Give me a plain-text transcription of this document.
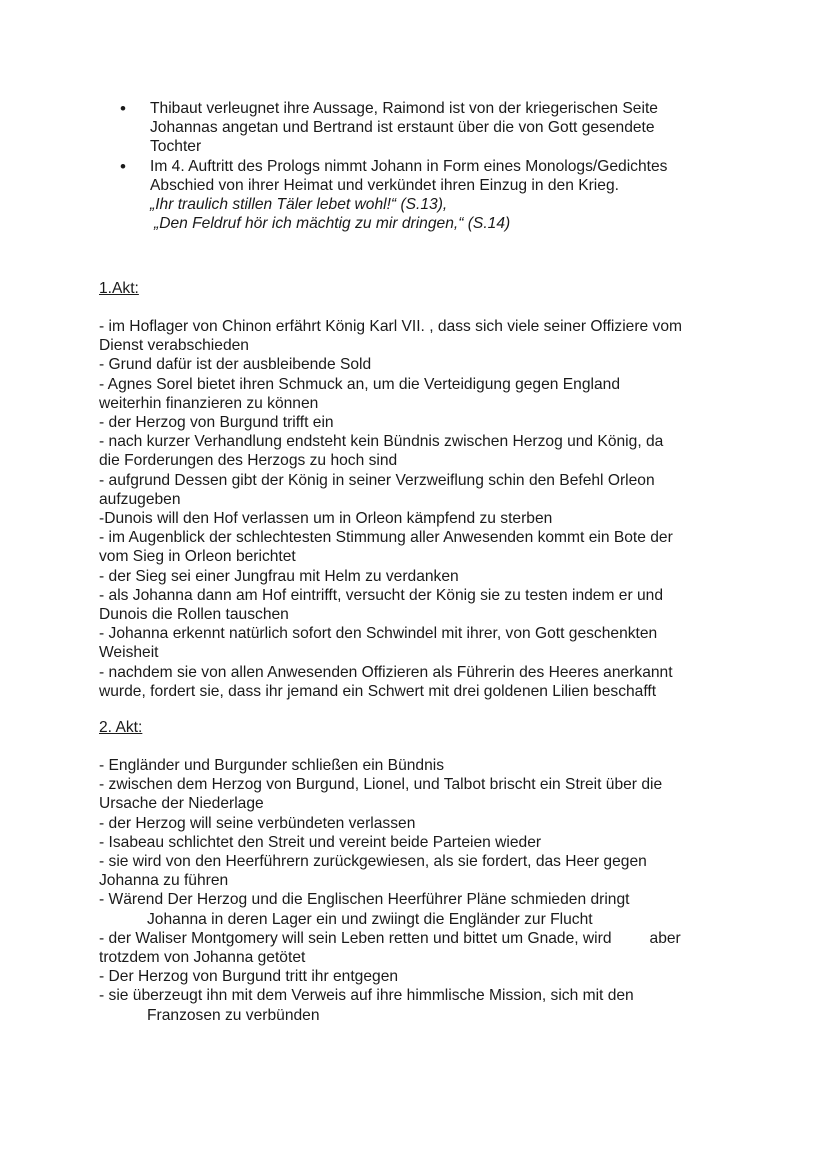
• Thibaut verleugnet ihre Aussage, Raimond ist von der kriegerischen Seite
Johannas angetan und Bertrand ist erstaunt über die von Gott gesendete
Tochter
• Im 4. Auftritt des Prologs nimmt Johann in Form eines Monologs/Gedichtes
Abschied von ihrer Heimat und verkündet ihren Einzug in den Krieg.
„Ihr traulich stillen Täler lebet wohl!“ (S.13),
„Den Feldruf hör ich mächtig zu mir dringen,“ (S.14)
1.Akt:
- im Hoflager von Chinon erfährt König Karl VII. , dass sich viele seiner Offiziere vom
Dienst verabschieden
- Grund dafür ist der ausbleibende Sold
- Agnes Sorel bietet ihren Schmuck an, um die Verteidigung gegen England
weiterhin finanzieren zu können
- der Herzog von Burgund trifft ein
- nach kurzer Verhandlung endsteht kein Bündnis zwischen Herzog und König, da
die Forderungen des Herzogs zu hoch sind
- aufgrund Dessen gibt der König in seiner Verzweiflung schin den Befehl Orleon
aufzugeben
-Dunois will den Hof verlassen um in Orleon kämpfend zu sterben
- im Augenblick der schlechtesten Stimmung aller Anwesenden kommt ein Bote der
vom Sieg in Orleon berichtet
- der Sieg sei einer Jungfrau mit Helm zu verdanken
- als Johanna dann am Hof eintrifft, versucht der König sie zu testen indem er und
Dunois die Rollen tauschen
- Johanna erkennt natürlich sofort den Schwindel mit ihrer, von Gott geschenkten
Weisheit
- nachdem sie von allen Anwesenden Offizieren als Führerin des Heeres anerkannt
wurde, fordert sie, dass ihr jemand ein Schwert mit drei goldenen Lilien beschafft
2. Akt:
- Engländer und Burgunder schließen ein Bündnis
- zwischen dem Herzog von Burgund, Lionel, und Talbot brischt ein Streit über die
Ursache der Niederlage
- der Herzog will seine verbündeten verlassen
- Isabeau schlichtet den Streit und vereint beide Parteien wieder
- sie wird von den Heerführern zurückgewiesen, als sie fordert, das Heer gegen
Johanna zu führen
- Wärend Der Herzog und die Englischen Heerführer Pläne schmieden dringt
Johanna in deren Lager ein und zwiingt die Engländer zur Flucht
- der Waliser Montgomery will sein Leben retten und bittet um Gnade, wird aber
trotzdem von Johanna getötet
- Der Herzog von Burgund tritt ihr entgegen
- sie überzeugt ihn mit dem Verweis auf ihre himmlische Mission, sich mit den
Franzosen zu verbünden
